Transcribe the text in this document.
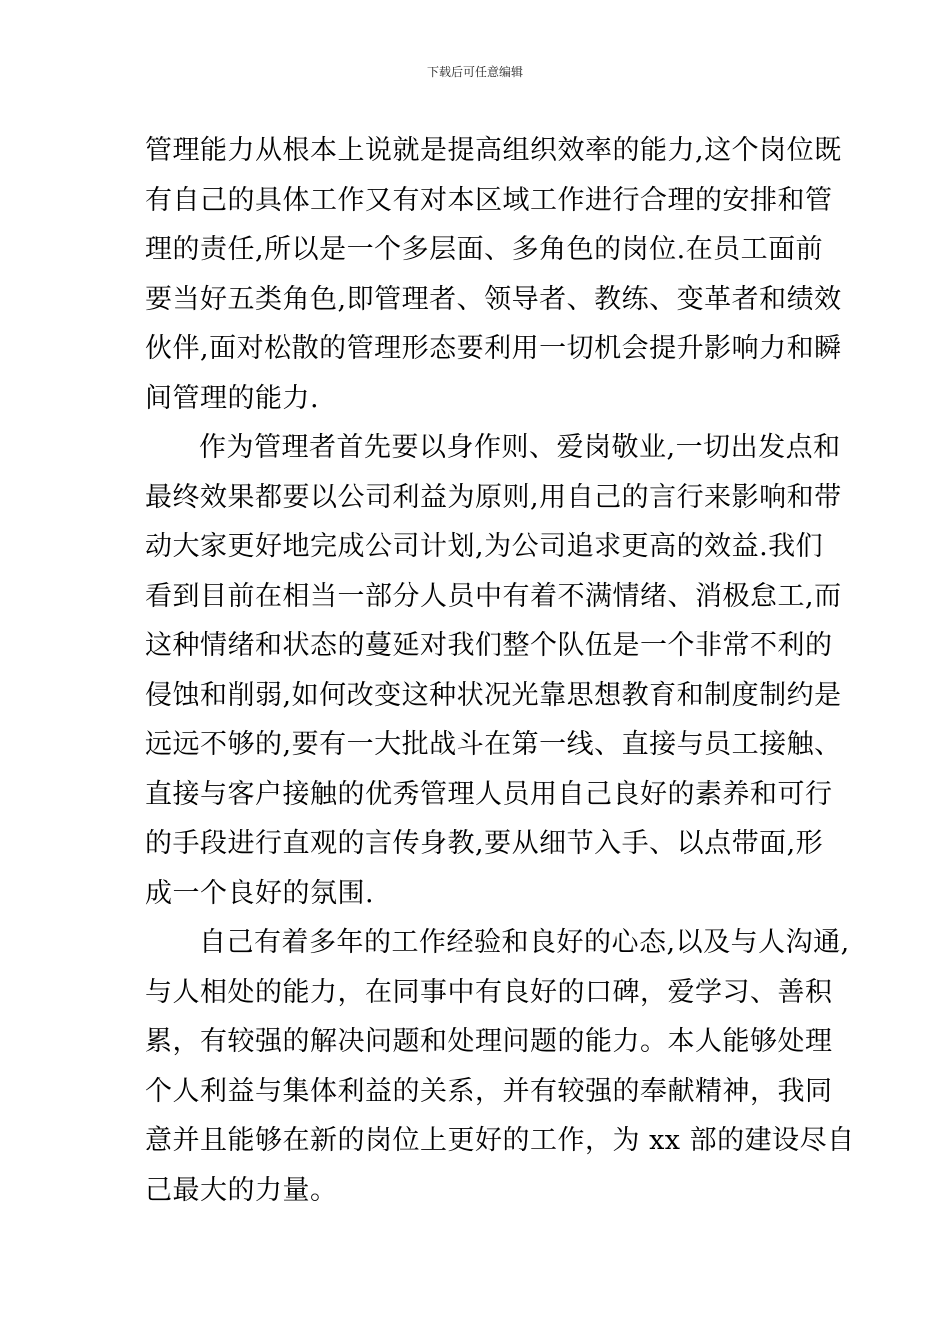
下载后可任意编辑
管理能力从根本上说就是提高组织效率的能力,这个岗位既
有自己的具体工作又有对本区域工作进行合理的安排和管
理的责任,所以是一个多层面、多角色的岗位.在员工面前
要当好五类角色,即管理者、领导者、教练、变革者和绩效
伙伴,面对松散的管理形态要利用一切机会提升影响力和瞬
间管理的能力.
作为管理者首先要以身作则、爱岗敬业,一切出发点和
最终效果都要以公司利益为原则,用自己的言行来影响和带
动大家更好地完成公司计划,为公司追求更高的效益.我们
看到目前在相当一部分人员中有着不满情绪、消极怠工,而
这种情绪和状态的蔓延对我们整个队伍是一个非常不利的
侵蚀和削弱,如何改变这种状况光靠思想教育和制度制约是
远远不够的,要有一大批战斗在第一线、直接与员工接触、
直接与客户接触的优秀管理人员用自己良好的素养和可行
的手段进行直观的言传身教,要从细节入手、以点带面,形
成一个良好的氛围.
自己有着多年的工作经验和良好的心态,以及与人沟通,
与人相处的能力，在同事中有良好的口碑，爱学习、善积
累，有较强的解决问题和处理问题的能力。本人能够处理
个人利益与集体利益的关系，并有较强的奉献精神，我同
意并且能够在新的岗位上更好的工作，为 xx 部的建设尽自
己最大的力量。
